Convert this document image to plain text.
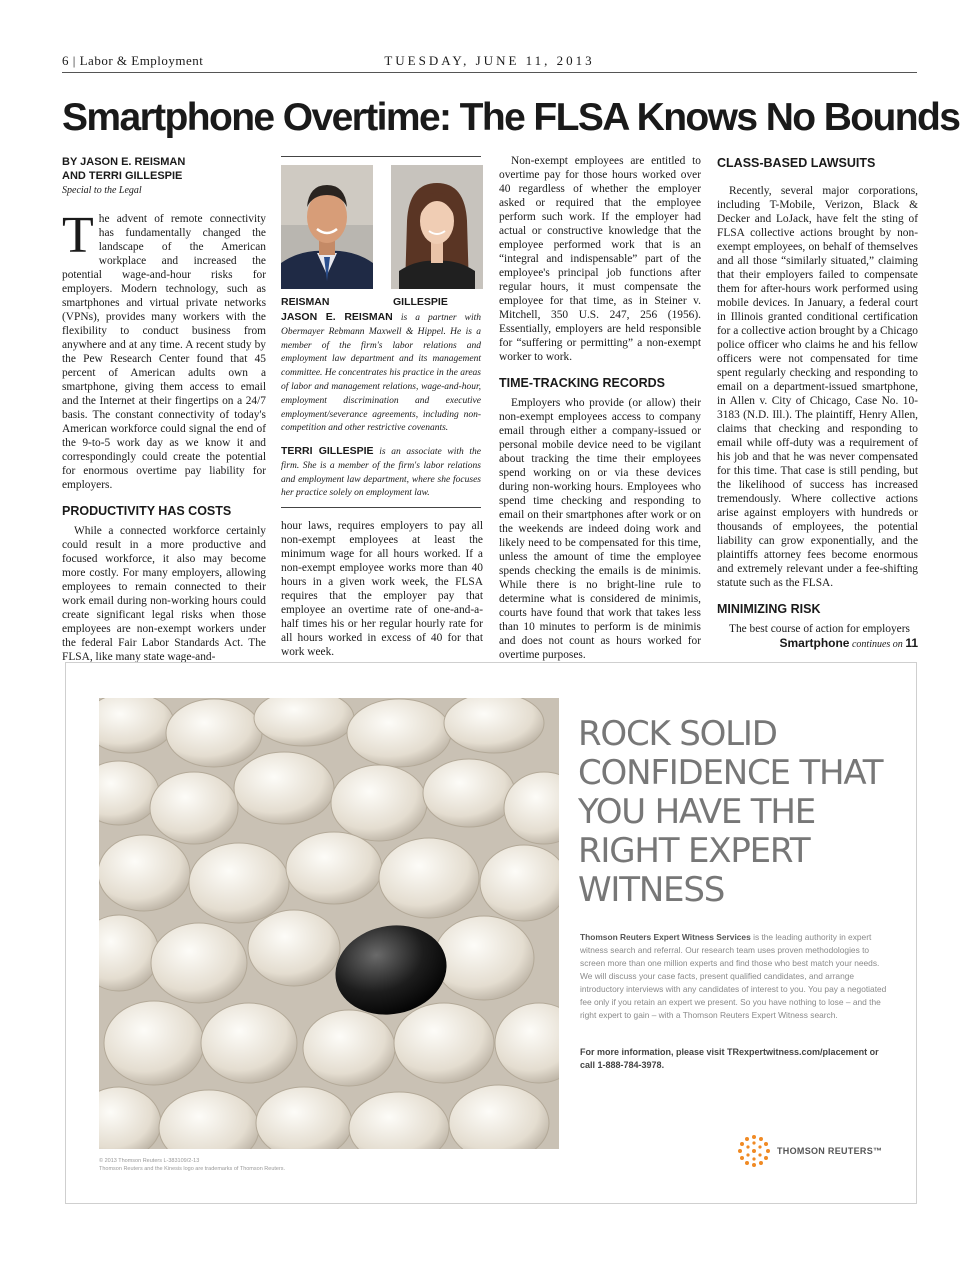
6 | Labor & Employment	TUESDAY, JUNE 11, 2013
Smartphone Overtime: The FLSA Knows No Bounds
BY JASON E. REISMAN
AND TERRI GILLESPIE
Special to the Legal

The advent of remote connectivity has fundamentally changed the landscape of the American workplace and increased the potential wage-and-hour risks for employers. Modern technology, such as smartphones and virtual private networks (VPNs), provides many workers with the flexibility to conduct business from anywhere and at any time. A recent study by the Pew Research Center found that 45 percent of American adults own a smartphone, giving them access to email and the Internet at their fingertips on a 24/7 basis. The constant connectivity of today's American workforce could signal the end of the 9-to-5 work day as we know it and correspondingly could create the potential for enormous overtime pay liability for employers.

PRODUCTIVITY HAS COSTS

While a connected workforce certainly could result in a more productive and focused workforce, it also may become more costly. For many employers, allowing employees to remain connected to their work email during non-working hours could create significant legal risks when those employees are non-exempt workers under the federal Fair Labor Standards Act. The FLSA, like many state wage-and-

REISMAN	GILLESPIE
JASON E. REISMAN is a partner with Obermayer Rebmann Maxwell & Hippel. He is a member of the firm's labor relations and employment law department and its management committee. He concentrates his practice in the areas of labor and management relations, wage-and-hour, employment discrimination and executive employment/severance agreements, including non-competition and other restrictive covenants.
TERRI GILLESPIE is an associate with the firm. She is a member of the firm's labor relations and employment law department, where she focuses her practice solely on employment law.

hour laws, requires employers to pay all non-exempt employees at least the minimum wage for all hours worked. If a non-exempt employee works more than 40 hours in a given work week, the FLSA requires that the employer pay that employee an overtime rate of one-and-a-half times his or her regular hourly rate for all hours worked in excess of 40 for that work week.

Non-exempt employees are entitled to overtime pay for those hours worked over 40 regardless of whether the employer asked or required that the employee perform such work. If the employer had actual or constructive knowledge that the employee performed work that is an “integral and indispensable” part of the employee's principal job functions after regular hours, it must compensate the employee for that time, as in Steiner v. Mitchell, 350 U.S. 247, 256 (1956). Essentially, employers are held responsible for “suffering or permitting” a non-exempt worker to work.

TIME-TRACKING RECORDS

Employers who provide (or allow) their non-exempt employees access to company email through either a company-issued or personal mobile device need to be vigilant about tracking the time their employees spend working on or via these devices during non-working hours. Employees who spend time checking and responding to email on their smartphones after work or on the weekends are indeed doing work and likely need to be compensated for this time, unless the amount of time the employee spends checking the emails is de minimis. While there is no bright-line rule to determine what is considered de minimis, courts have found that work that takes less than 10 minutes to perform is de minimis and does not count as hours worked for overtime purposes.

CLASS-BASED LAWSUITS

Recently, several major corporations, including T-Mobile, Verizon, Black & Decker and LoJack, have felt the sting of FLSA collective actions brought by non-exempt employees, on behalf of themselves and all those “similarly situated,” claiming that their employers failed to compensate them for after-hours work performed using mobile devices. In January, a federal court in Illinois granted conditional certification for a collective action brought by a Chicago police officer who claims he and his fellow officers were not compensated for time spent regularly checking and responding to email on a department-issued smartphone, in Allen v. City of Chicago, Case No. 10-3183 (N.D. Ill.). The plaintiff, Henry Allen, claims that checking and responding to email while off-duty was a requirement of his job and that he was never compensated for this time. That case is still pending, but the likelihood of success has increased tremendously. Where collective actions arise against employers with hundreds or thousands of employees, the potential liability can grow exponentially, and the plaintiffs attorney fees become enormous and extremely relevant under a fee-shifting statute such as the FLSA.

MINIMIZING RISK

The best course of action for employers

Smartphone continues on 11
ROCK SOLID CONFIDENCE THAT YOU HAVE THE RIGHT EXPERT WITNESS
Thomson Reuters Expert Witness Services is the leading authority in expert witness search and referral. Our research team uses proven methodologies to screen more than one million experts and find those who best match your needs. We will discuss your case facts, present qualified candidates, and arrange introductory interviews with any candidates of interest to you. You pay a negotiated fee only if you retain an expert we present. So you have nothing to lose – and the right expert to gain – with a Thomson Reuters Expert Witness search.
For more information, please visit TRexpertwitness.com/placement or call 1-888-784-3978.
THOMSON REUTERS™
© 2013 Thomson Reuters L-383109/2-13
Thomson Reuters and the Kinesis logo are trademarks of Thomson Reuters.
